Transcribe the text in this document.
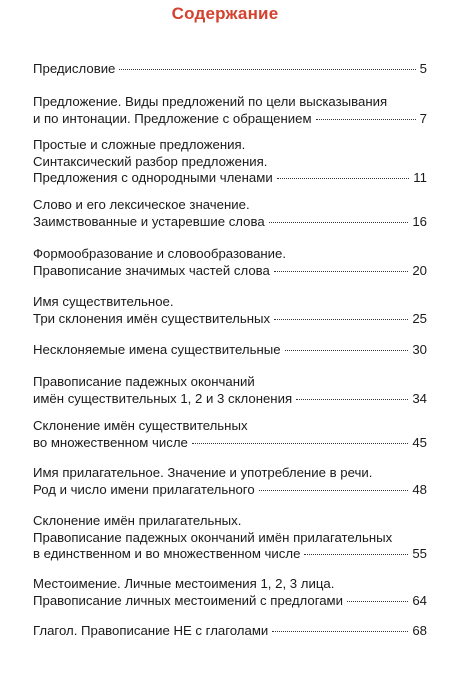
Содержание
Предисловие	5
Предложение. Виды предложений по цели высказывания
и по интонации. Предложение с обращением	7
Простые и сложные предложения.
Синтаксический разбор предложения.
Предложения с однородными членами	11
Слово и его лексическое значение.
Заимствованные и устаревшие слова	16
Формообразование и словообразование.
Правописание значимых частей слова	20
Имя существительное.
Три склонения имён существительных	25
Несклоняемые имена существительные	30
Правописание падежных окончаний
имён существительных 1, 2 и 3 склонения	34
Склонение имён существительных
во множественном числе	45
Имя прилагательное. Значение и употребление в речи.
Род и число имени прилагательного	48
Склонение имён прилагательных.
Правописание падежных окончаний имён прилагательных
в единственном и во множественном числе	55
Местоимение. Личные местоимения 1, 2, 3 лица.
Правописание личных местоимений с предлогами	64
Глагол. Правописание НЕ с глаголами	68
